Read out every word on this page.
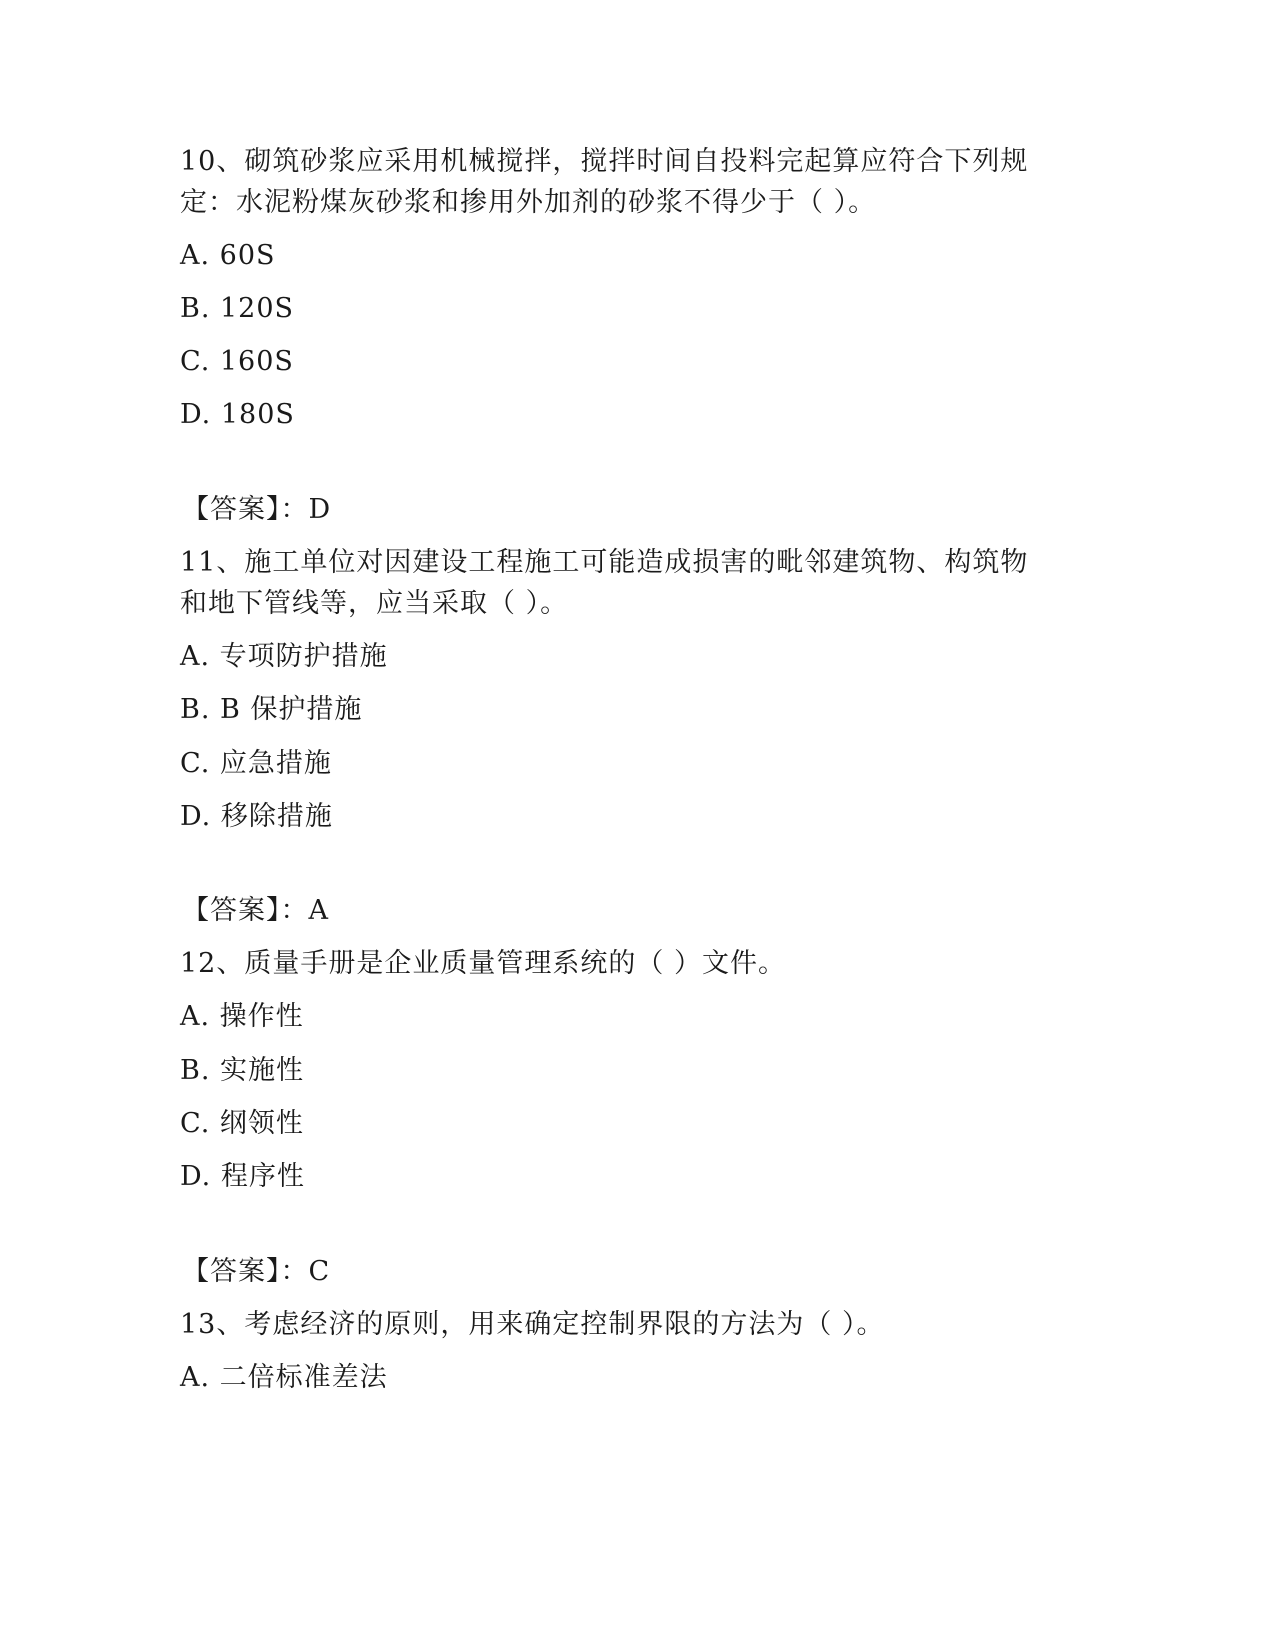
10、砌筑砂浆应采用机械搅拌，搅拌时间自投料完起算应符合下列规
定：水泥粉煤灰砂浆和掺用外加剂的砂浆不得少于（ ）。
A. 60S
B. 120S
C. 160S
D. 180S
【答案】：D
11、施工单位对因建设工程施工可能造成损害的毗邻建筑物、构筑物
和地下管线等，应当采取（ ）。
A. 专项防护措施
B. B 保护措施
C. 应急措施
D. 移除措施
【答案】：A
12、质量手册是企业质量管理系统的（ ）文件。
A. 操作性
B. 实施性
C. 纲领性
D. 程序性
【答案】：C
13、考虑经济的原则，用来确定控制界限的方法为（ ）。
A. 二倍标准差法
